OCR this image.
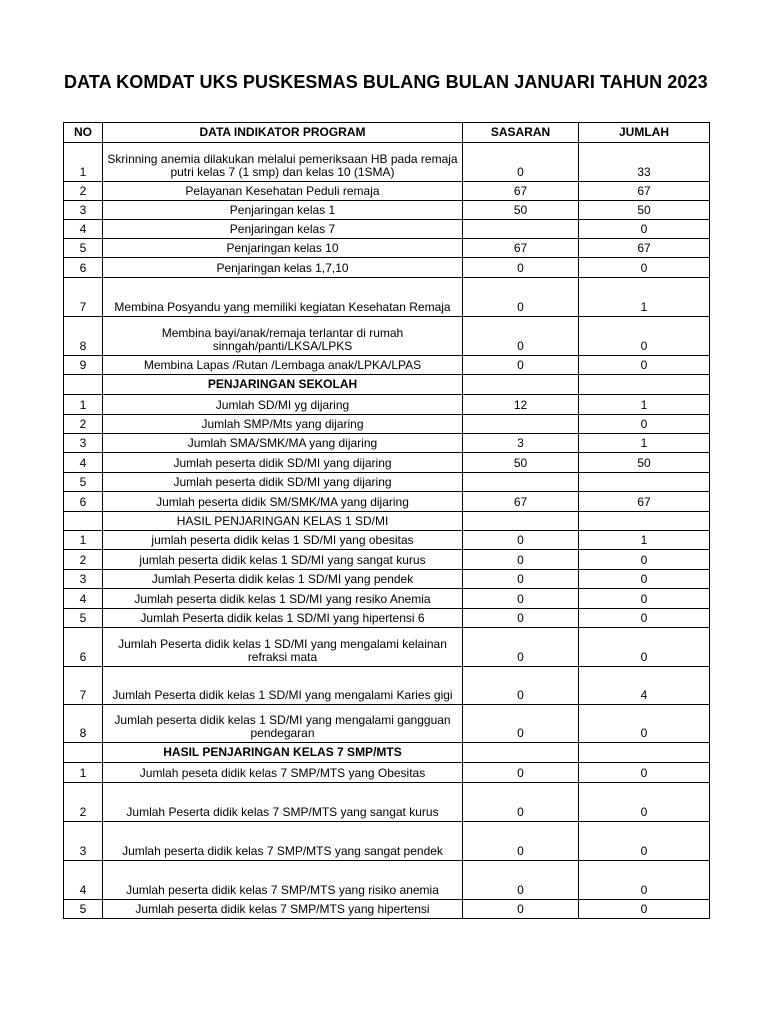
DATA KOMDAT UKS PUSKESMAS BULANG BULAN JANUARI TAHUN 2023
NO	DATA INDIKATOR PROGRAM	SASARAN	JUMLAH
1	Skrinning anemia dilakukan melalui pemeriksaan HB pada remaja putri kelas 7 (1 smp) dan kelas 10 (1SMA)	0	33
2	Pelayanan Kesehatan Peduli remaja	67	67
3	Penjaringan kelas 1	50	50
4	Penjaringan kelas 7		0
5	Penjaringan kelas 10	67	67
6	Penjaringan kelas 1,7,10	0	0
7	Membina Posyandu yang memiliki kegiatan Kesehatan Remaja	0	1
8	Membina bayi/anak/remaja terlantar di rumah sinngah/panti/LKSA/LPKS	0	0
9	Membina Lapas /Rutan /Lembaga anak/LPKA/LPAS	0	0
	PENJARINGAN SEKOLAH		
1	Jumlah SD/MI yg dijaring	12	1
2	Jumlah SMP/Mts yang dijaring		0
3	Jumlah SMA/SMK/MA yang dijaring	3	1
4	Jumlah peserta didik SD/MI yang dijaring	50	50
5	Jumlah peserta didik SD/MI yang dijaring		
6	Jumlah peserta didik SM/SMK/MA yang dijaring	67	67
	HASIL PENJARINGAN KELAS 1 SD/MI		
1	jumlah peserta didik kelas 1 SD/MI yang obesitas	0	1
2	jumlah peserta didik kelas 1 SD/MI yang sangat kurus	0	0
3	Jumlah Peserta didik kelas 1 SD/MI yang pendek	0	0
4	Jumlah peserta didik kelas 1 SD/MI yang resiko Anemia	0	0
5	Jumlah Peserta didik kelas 1 SD/MI yang hipertensi 6	0	0
6	Jumlah Peserta didik kelas 1 SD/MI yang mengalami kelainan refraksi mata	0	0
7	Jumlah Peserta didik kelas 1 SD/MI yang mengalami Karies gigi	0	4
8	Jumlah peserta didik kelas 1 SD/MI yang mengalami gangguan pendegaran	0	0
	HASIL PENJARINGAN KELAS 7 SMP/MTS		
1	Jumlah peseta didik kelas 7 SMP/MTS yang Obesitas	0	0
2	Jumlah Peserta didik kelas 7 SMP/MTS yang sangat kurus	0	0
3	Jumlah peserta didik kelas 7 SMP/MTS yang sangat pendek	0	0
4	Jumlah peserta didik kelas 7 SMP/MTS yang risiko anemia	0	0
5	Jumlah peserta didik kelas 7 SMP/MTS yang hipertensi	0	0
